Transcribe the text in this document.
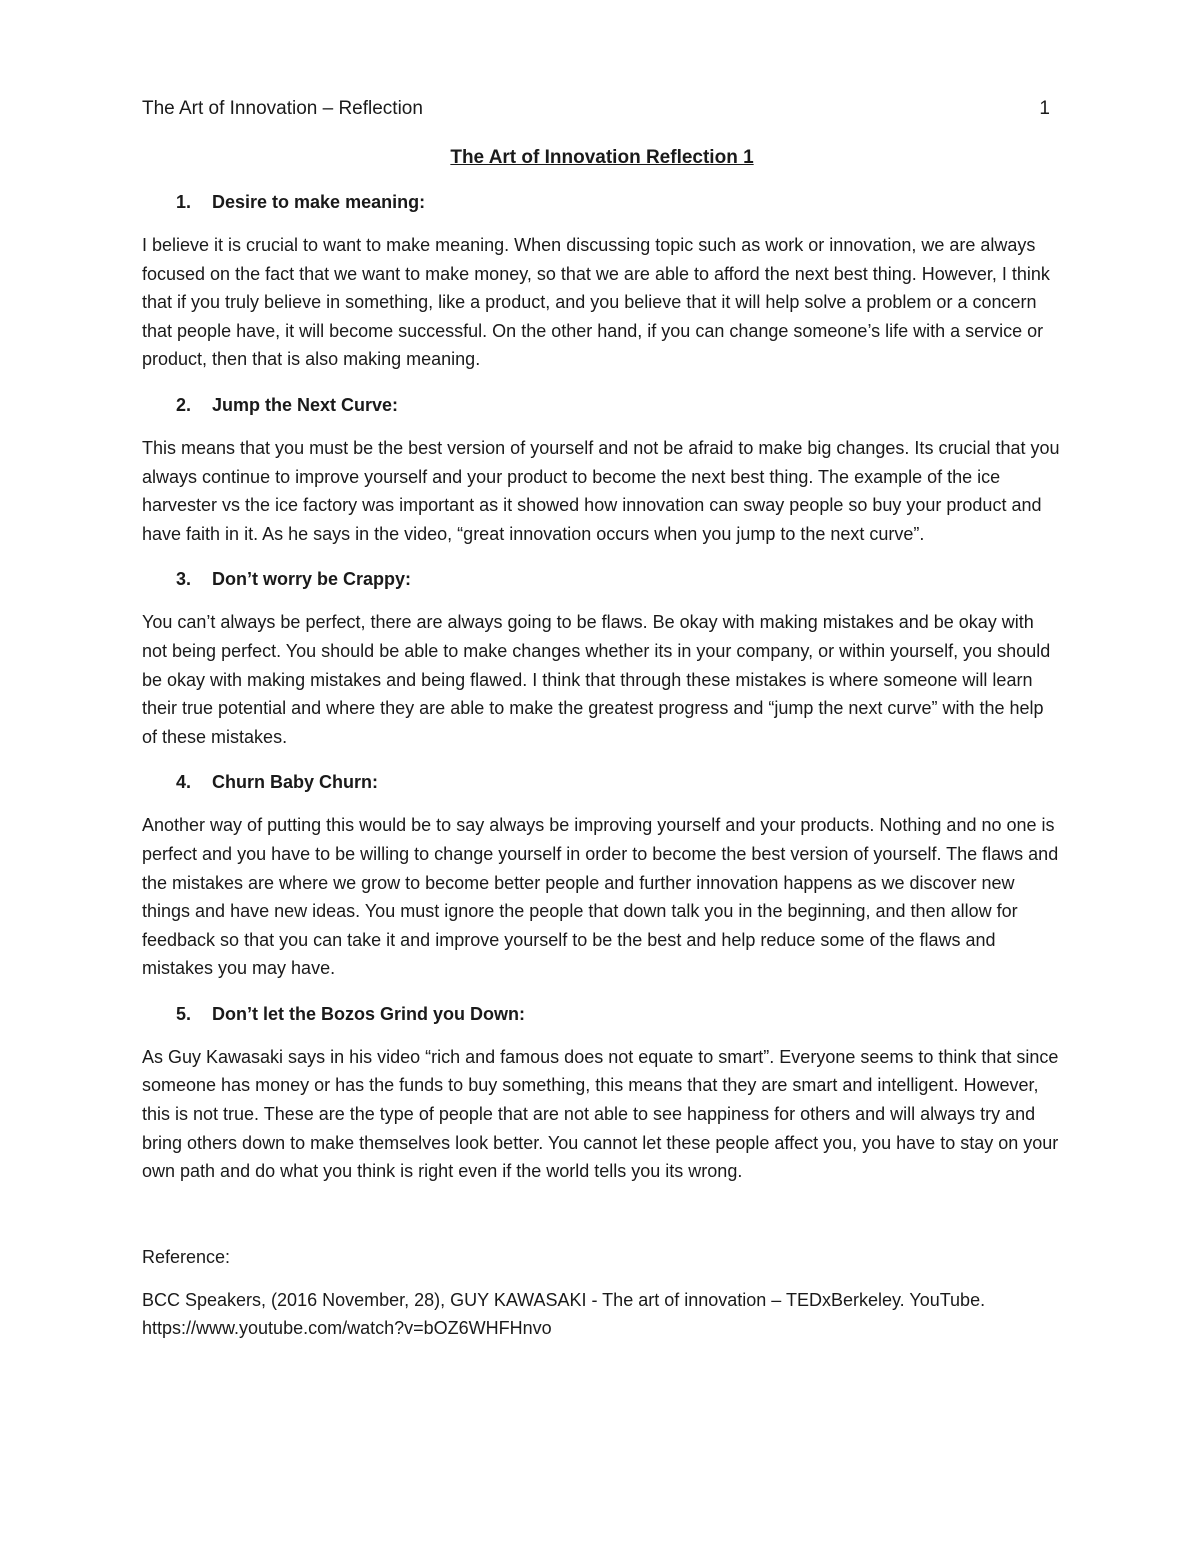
The Art of Innovation – Reflection	1
The Art of Innovation Reflection 1
1.	Desire to make meaning:

I believe it is crucial to want to make meaning. When discussing topic such as work or innovation, we are always focused on the fact that we want to make money, so that we are able to afford the next best thing. However, I think that if you truly believe in something, like a product, and you believe that it will help solve a problem or a concern that people have, it will become successful. On the other hand, if you can change someone’s life with a service or product, then that is also making meaning.

2.	Jump the Next Curve:

This means that you must be the best version of yourself and not be afraid to make big changes. Its crucial that you always continue to improve yourself and your product to become the next best thing. The example of the ice harvester vs the ice factory was important as it showed how innovation can sway people so buy your product and have faith in it. As he says in the video, “great innovation occurs when you jump to the next curve”.

3.	Don’t worry be Crappy:

You can’t always be perfect, there are always going to be flaws. Be okay with making mistakes and be okay with not being perfect. You should be able to make changes whether its in your company, or within yourself, you should be okay with making mistakes and being flawed. I think that through these mistakes is where someone will learn their true potential and where they are able to make the greatest progress and “jump the next curve” with the help of these mistakes.

4.	Churn Baby Churn:

Another way of putting this would be to say always be improving yourself and your products. Nothing and no one is perfect and you have to be willing to change yourself in order to become the best version of yourself. The flaws and the mistakes are where we grow to become better people and further innovation happens as we discover new things and have new ideas. You must ignore the people that down talk you in the beginning, and then allow for feedback so that you can take it and improve yourself to be the best and help reduce some of the flaws and mistakes you may have.

5.	Don’t let the Bozos Grind you Down:

As Guy Kawasaki says in his video “rich and famous does not equate to smart”. Everyone seems to think that since someone has money or has the funds to buy something, this means that they are smart and intelligent. However, this is not true. These are the type of people that are not able to see happiness for others and will always try and bring others down to make themselves look better. You cannot let these people affect you, you have to stay on your own path and do what you think is right even if the world tells you its wrong.

Reference:

BCC Speakers, (2016 November, 28), GUY KAWASAKI - The art of innovation – TEDxBerkeley. YouTube.
https://www.youtube.com/watch?v=bOZ6WHFHnvo
